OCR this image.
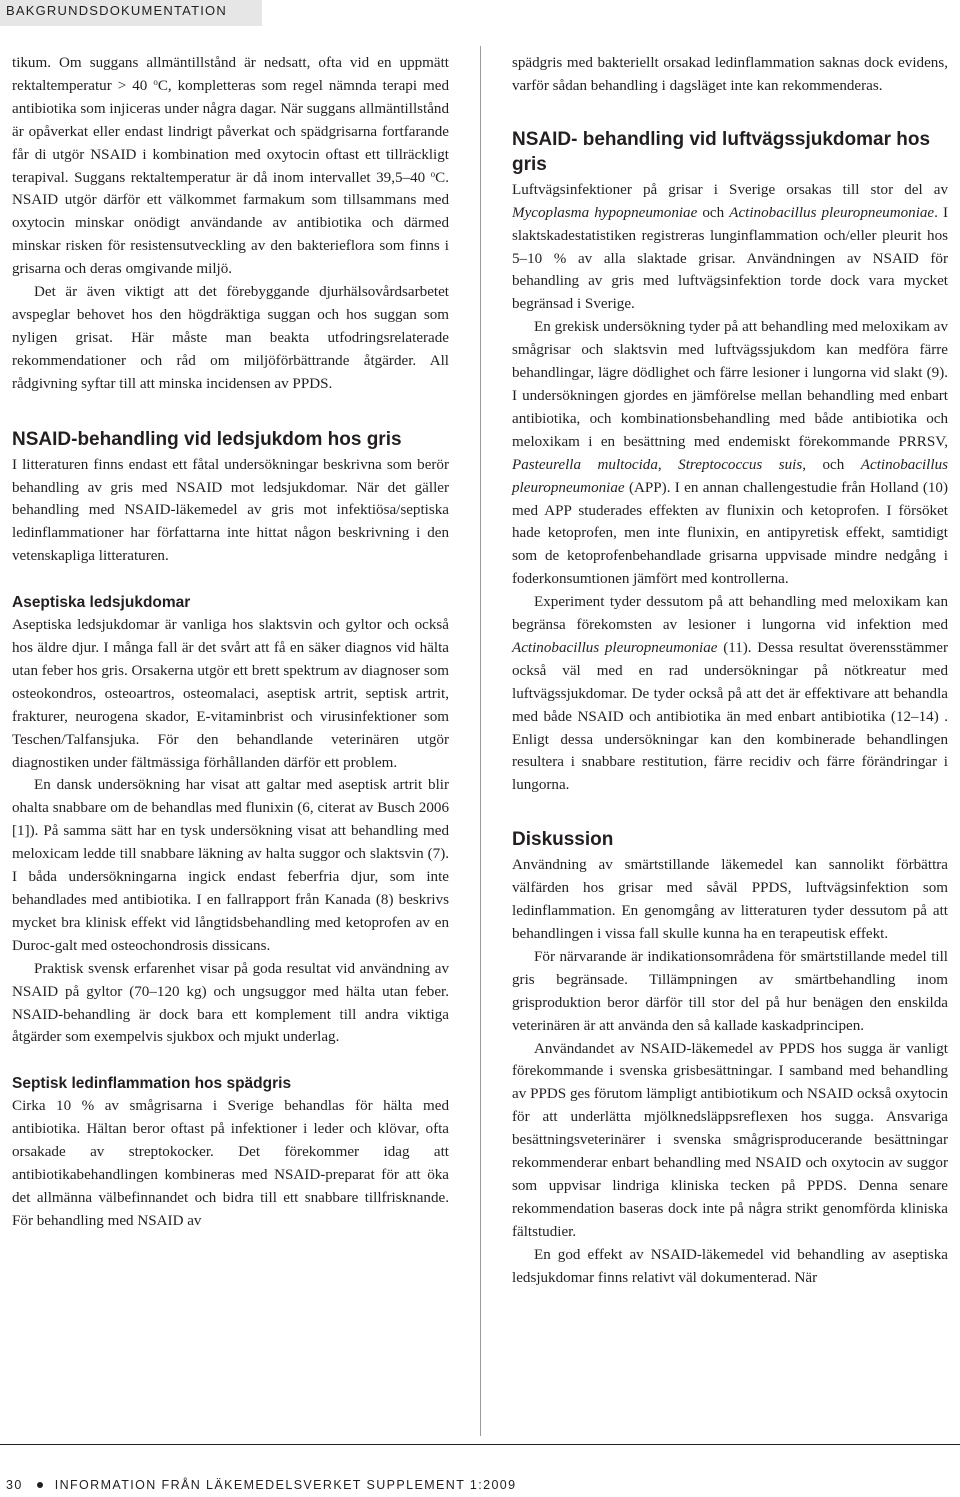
BAKGRUNDSDOKUMENTATION

tikum. Om suggans allmäntillstånd är nedsatt, ofta vid en uppmätt rektaltemperatur > 40 $^o$C, kompletteras som regel nämnda terapi med antibiotika som injiceras under några dagar. När suggans allmäntillstånd är opåverkat eller endast lindrigt påverkat och spädgrisarna fortfarande får di utgör NSAID i kombination med oxytocin oftast ett tillräckligt terapival. Suggans rektaltemperatur är då inom intervallet 39,5–40 $^o$C. NSAID utgör därför ett välkommet farmakum som tillsammans med oxytocin minskar onödigt användande av antibiotika och därmed minskar risken för resistensutveckling av den bakterieflora som finns i grisarna och deras omgivande miljö.

Det är även viktigt att det förebyggande djurhälsovårdsarbetet avspeglar behovet hos den högdräktiga suggan och hos suggan som nyligen grisat. Här måste man beakta utfodringsrelaterade rekommendationer och råd om miljöförbättrande åtgärder. All rådgivning syftar till att minska incidensen av PPDS.

NSAID-behandling vid ledsjukdom hos gris

I litteraturen finns endast ett fåtal undersökningar beskrivna som berör behandling av gris med NSAID mot ledsjukdomar. När det gäller behandling med NSAID-läkemedel av gris mot infektiösa/septiska ledinflammationer har författarna inte hittat någon beskrivning i den vetenskapliga litteraturen.

Aseptiska ledsjukdomar

Aseptiska ledsjukdomar är vanliga hos slaktsvin och gyltor och också hos äldre djur. I många fall är det svårt att få en säker diagnos vid hälta utan feber hos gris. Orsakerna utgör ett brett spektrum av diagnoser som osteokondros, osteoartros, osteomalaci, aseptisk artrit, septisk artrit, frakturer, neurogena skador, E-vitaminbrist och virusinfektioner som Teschen/Talfansjuka. För den behandlande veterinären utgör diagnostiken under fältmässiga förhållanden därför ett problem.

En dansk undersökning har visat att galtar med aseptisk artrit blir ohalta snabbare om de behandlas med flunixin (6, citerat av Busch 2006 [1]). På samma sätt har en tysk undersökning visat att behandling med meloxicam ledde till snabbare läkning av halta suggor och slaktsvin (7). I båda undersökningarna ingick endast feberfria djur, som inte behandlades med antibiotika. I en fallrapport från Kanada (8) beskrivs mycket bra klinisk effekt vid långtidsbehandling med ketoprofen av en Duroc-galt med osteochondrosis dissicans.

Praktisk svensk erfarenhet visar på goda resultat vid användning av NSAID på gyltor (70–120 kg) och ungsuggor med hälta utan feber. NSAID-behandling är dock bara ett komplement till andra viktiga åtgärder som exempelvis sjukbox och mjukt underlag.

Septisk ledinflammation hos spädgris

Cirka 10 % av smågrisarna i Sverige behandlas för hälta med antibiotika. Hältan beror oftast på infektioner i leder och klövar, ofta orsakade av streptokocker. Det förekommer idag att antibiotikabehandlingen kombineras med NSAID-preparat för att öka det allmänna välbefinnandet och bidra till ett snabbare tillfrisknande. För behandling med NSAID av

spädgris med bakteriellt orsakad ledinflammation saknas dock evidens, varför sådan behandling i dagsläget inte kan rekommenderas.

NSAID- behandling vid luftvägssjukdomar hos gris

Luftvägsinfektioner på grisar i Sverige orsakas till stor del av Mycoplasma hypopneumoniae och Actinobacillus pleuropneumoniae. I slaktskadestatistiken registreras lunginflammation och/eller pleurit hos 5–10 % av alla slaktade grisar. Användningen av NSAID för behandling av gris med luftvägsinfektion torde dock vara mycket begränsad i Sverige.

En grekisk undersökning tyder på att behandling med meloxikam av smågrisar och slaktsvin med luftvägssjukdom kan medföra färre behandlingar, lägre dödlighet och färre lesioner i lungorna vid slakt (9). I undersökningen gjordes en jämförelse mellan behandling med enbart antibiotika, och kombinationsbehandling med både antibiotika och meloxikam i en besättning med endemiskt förekommande PRRSV, Pasteurella multocida, Streptococcus suis, och Actinobacillus pleuropneumoniae (APP). I en annan challengestudie från Holland (10) med APP studerades effekten av flunixin och ketoprofen. I försöket hade ketoprofen, men inte flunixin, en antipyretisk effekt, samtidigt som de ketoprofenbehandlade grisarna uppvisade mindre nedgång i foderkonsumtionen jämfört med kontrollerna.

Experiment tyder dessutom på att behandling med meloxikam kan begränsa förekomsten av lesioner i lungorna vid infektion med Actinobacillus pleuropneumoniae (11). Dessa resultat överensstämmer också väl med en rad undersökningar på nötkreatur med luftvägssjukdomar. De tyder också på att det är effektivare att behandla med både NSAID och antibiotika än med enbart antibiotika (12–14) . Enligt dessa undersökningar kan den kombinerade behandlingen resultera i snabbare restitution, färre recidiv och färre förändringar i lungorna.

Diskussion

Användning av smärtstillande läkemedel kan sannolikt förbättra välfärden hos grisar med såväl PPDS, luftvägsinfektion som ledinflammation. En genomgång av litteraturen tyder dessutom på att behandlingen i vissa fall skulle kunna ha en terapeutisk effekt.

För närvarande är indikationsområdena för smärtstillande medel till gris begränsade. Tillämpningen av smärtbehandling inom grisproduktion beror därför till stor del på hur benägen den enskilda veterinären är att använda den så kallade kaskadprincipen.

Användandet av NSAID-läkemedel av PPDS hos sugga är vanligt förekommande i svenska grisbesättningar. I samband med behandling av PPDS ges förutom lämpligt antibiotikum och NSAID också oxytocin för att underlätta mjölknedsläppsreflexen hos sugga. Ansvariga besättningsveterinärer i svenska smågrisproducerande besättningar rekommenderar enbart behandling med NSAID och oxytocin av suggor som uppvisar lindriga kliniska tecken på PPDS. Denna senare rekommendation baseras dock inte på några strikt genomförda kliniska fältstudier.

En god effekt av NSAID-läkemedel vid behandling av aseptiska ledsjukdomar finns relativt väl dokumenterad. När

30	INFORMATION FRÅN LÄKEMEDELSVERKET SUPPLEMENT 1:2009
